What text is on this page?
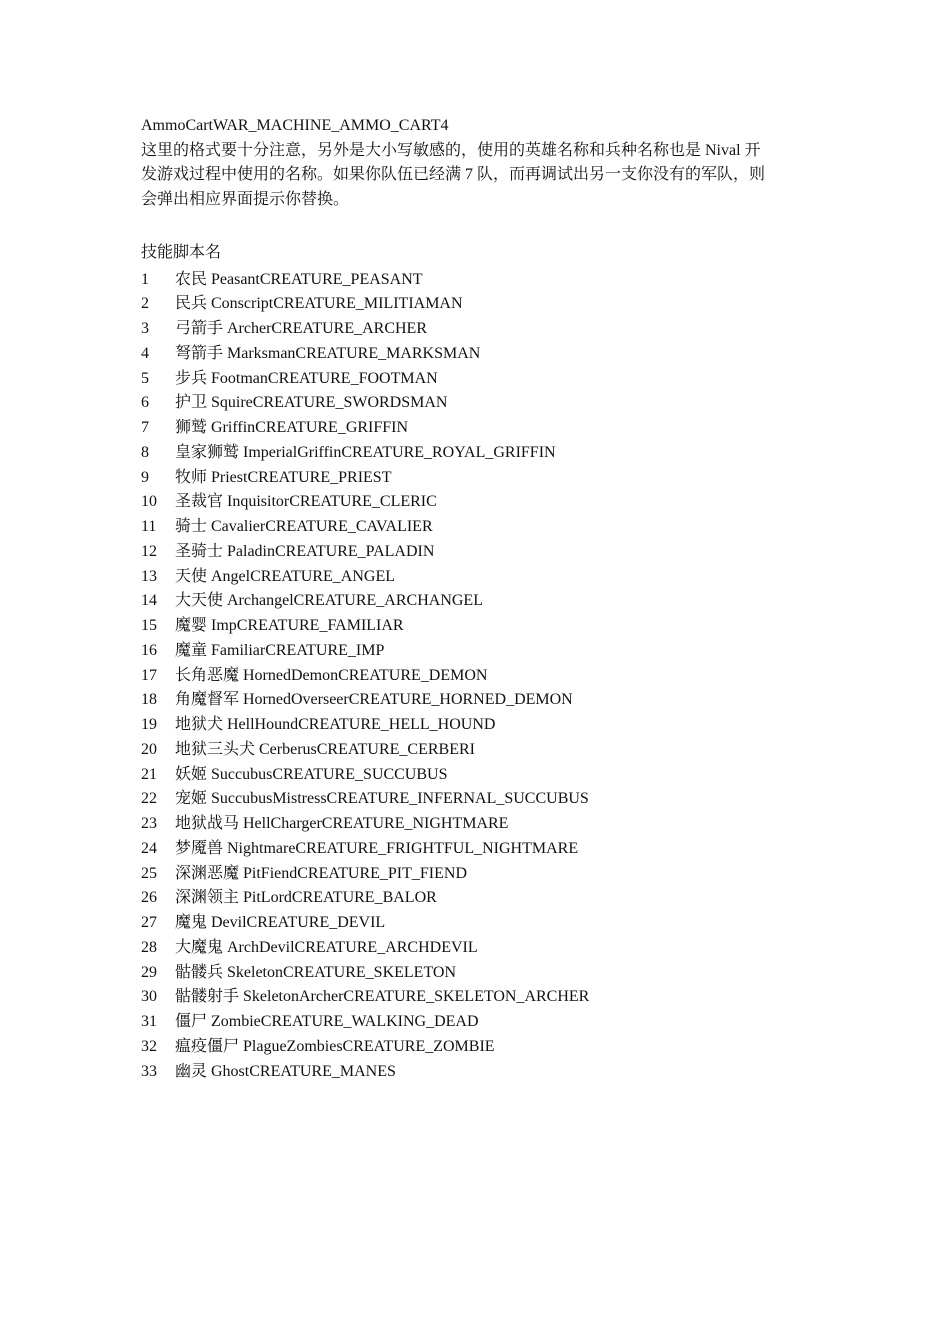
AmmoCartWAR_MACHINE_AMMO_CART4
这里的格式要十分注意，另外是大小写敏感的，使用的英雄名称和兵种名称也是 Nival 开
发游戏过程中使用的名称。如果你队伍已经满 7 队，而再调试出另一支你没有的军队，则
会弹出相应界面提示你替换。
技能脚本名
1	农民 PeasantCREATURE_PEASANT
2	民兵 ConscriptCREATURE_MILITIAMAN
3	弓箭手 ArcherCREATURE_ARCHER
4	弩箭手 MarksmanCREATURE_MARKSMAN
5	步兵 FootmanCREATURE_FOOTMAN
6	护卫 SquireCREATURE_SWORDSMAN
7	狮鹫 GriffinCREATURE_GRIFFIN
8	皇家狮鹫 ImperialGriffinCREATURE_ROYAL_GRIFFIN
9	牧师 PriestCREATURE_PRIEST
10	圣裁官 InquisitorCREATURE_CLERIC
11	骑士 CavalierCREATURE_CAVALIER
12	圣骑士 PaladinCREATURE_PALADIN
13	天使 AngelCREATURE_ANGEL
14	大天使 ArchangelCREATURE_ARCHANGEL
15	魔婴 ImpCREATURE_FAMILIAR
16	魔童 FamiliarCREATURE_IMP
17	长角恶魔 HornedDemonCREATURE_DEMON
18	角魔督军 HornedOverseerCREATURE_HORNED_DEMON
19	地狱犬 HellHoundCREATURE_HELL_HOUND
20	地狱三头犬 CerberusCREATURE_CERBERI
21	妖姬 SuccubusCREATURE_SUCCUBUS
22	宠姬 SuccubusMistressCREATURE_INFERNAL_SUCCUBUS
23	地狱战马 HellChargerCREATURE_NIGHTMARE
24	梦魇兽 NightmareCREATURE_FRIGHTFUL_NIGHTMARE
25	深渊恶魔 PitFiendCREATURE_PIT_FIEND
26	深渊领主 PitLordCREATURE_BALOR
27	魔鬼 DevilCREATURE_DEVIL
28	大魔鬼 ArchDevilCREATURE_ARCHDEVIL
29	骷髅兵 SkeletonCREATURE_SKELETON
30	骷髅射手 SkeletonArcherCREATURE_SKELETON_ARCHER
31	僵尸 ZombieCREATURE_WALKING_DEAD
32	瘟疫僵尸 PlagueZombiesCREATURE_ZOMBIE
33	幽灵 GhostCREATURE_MANES
